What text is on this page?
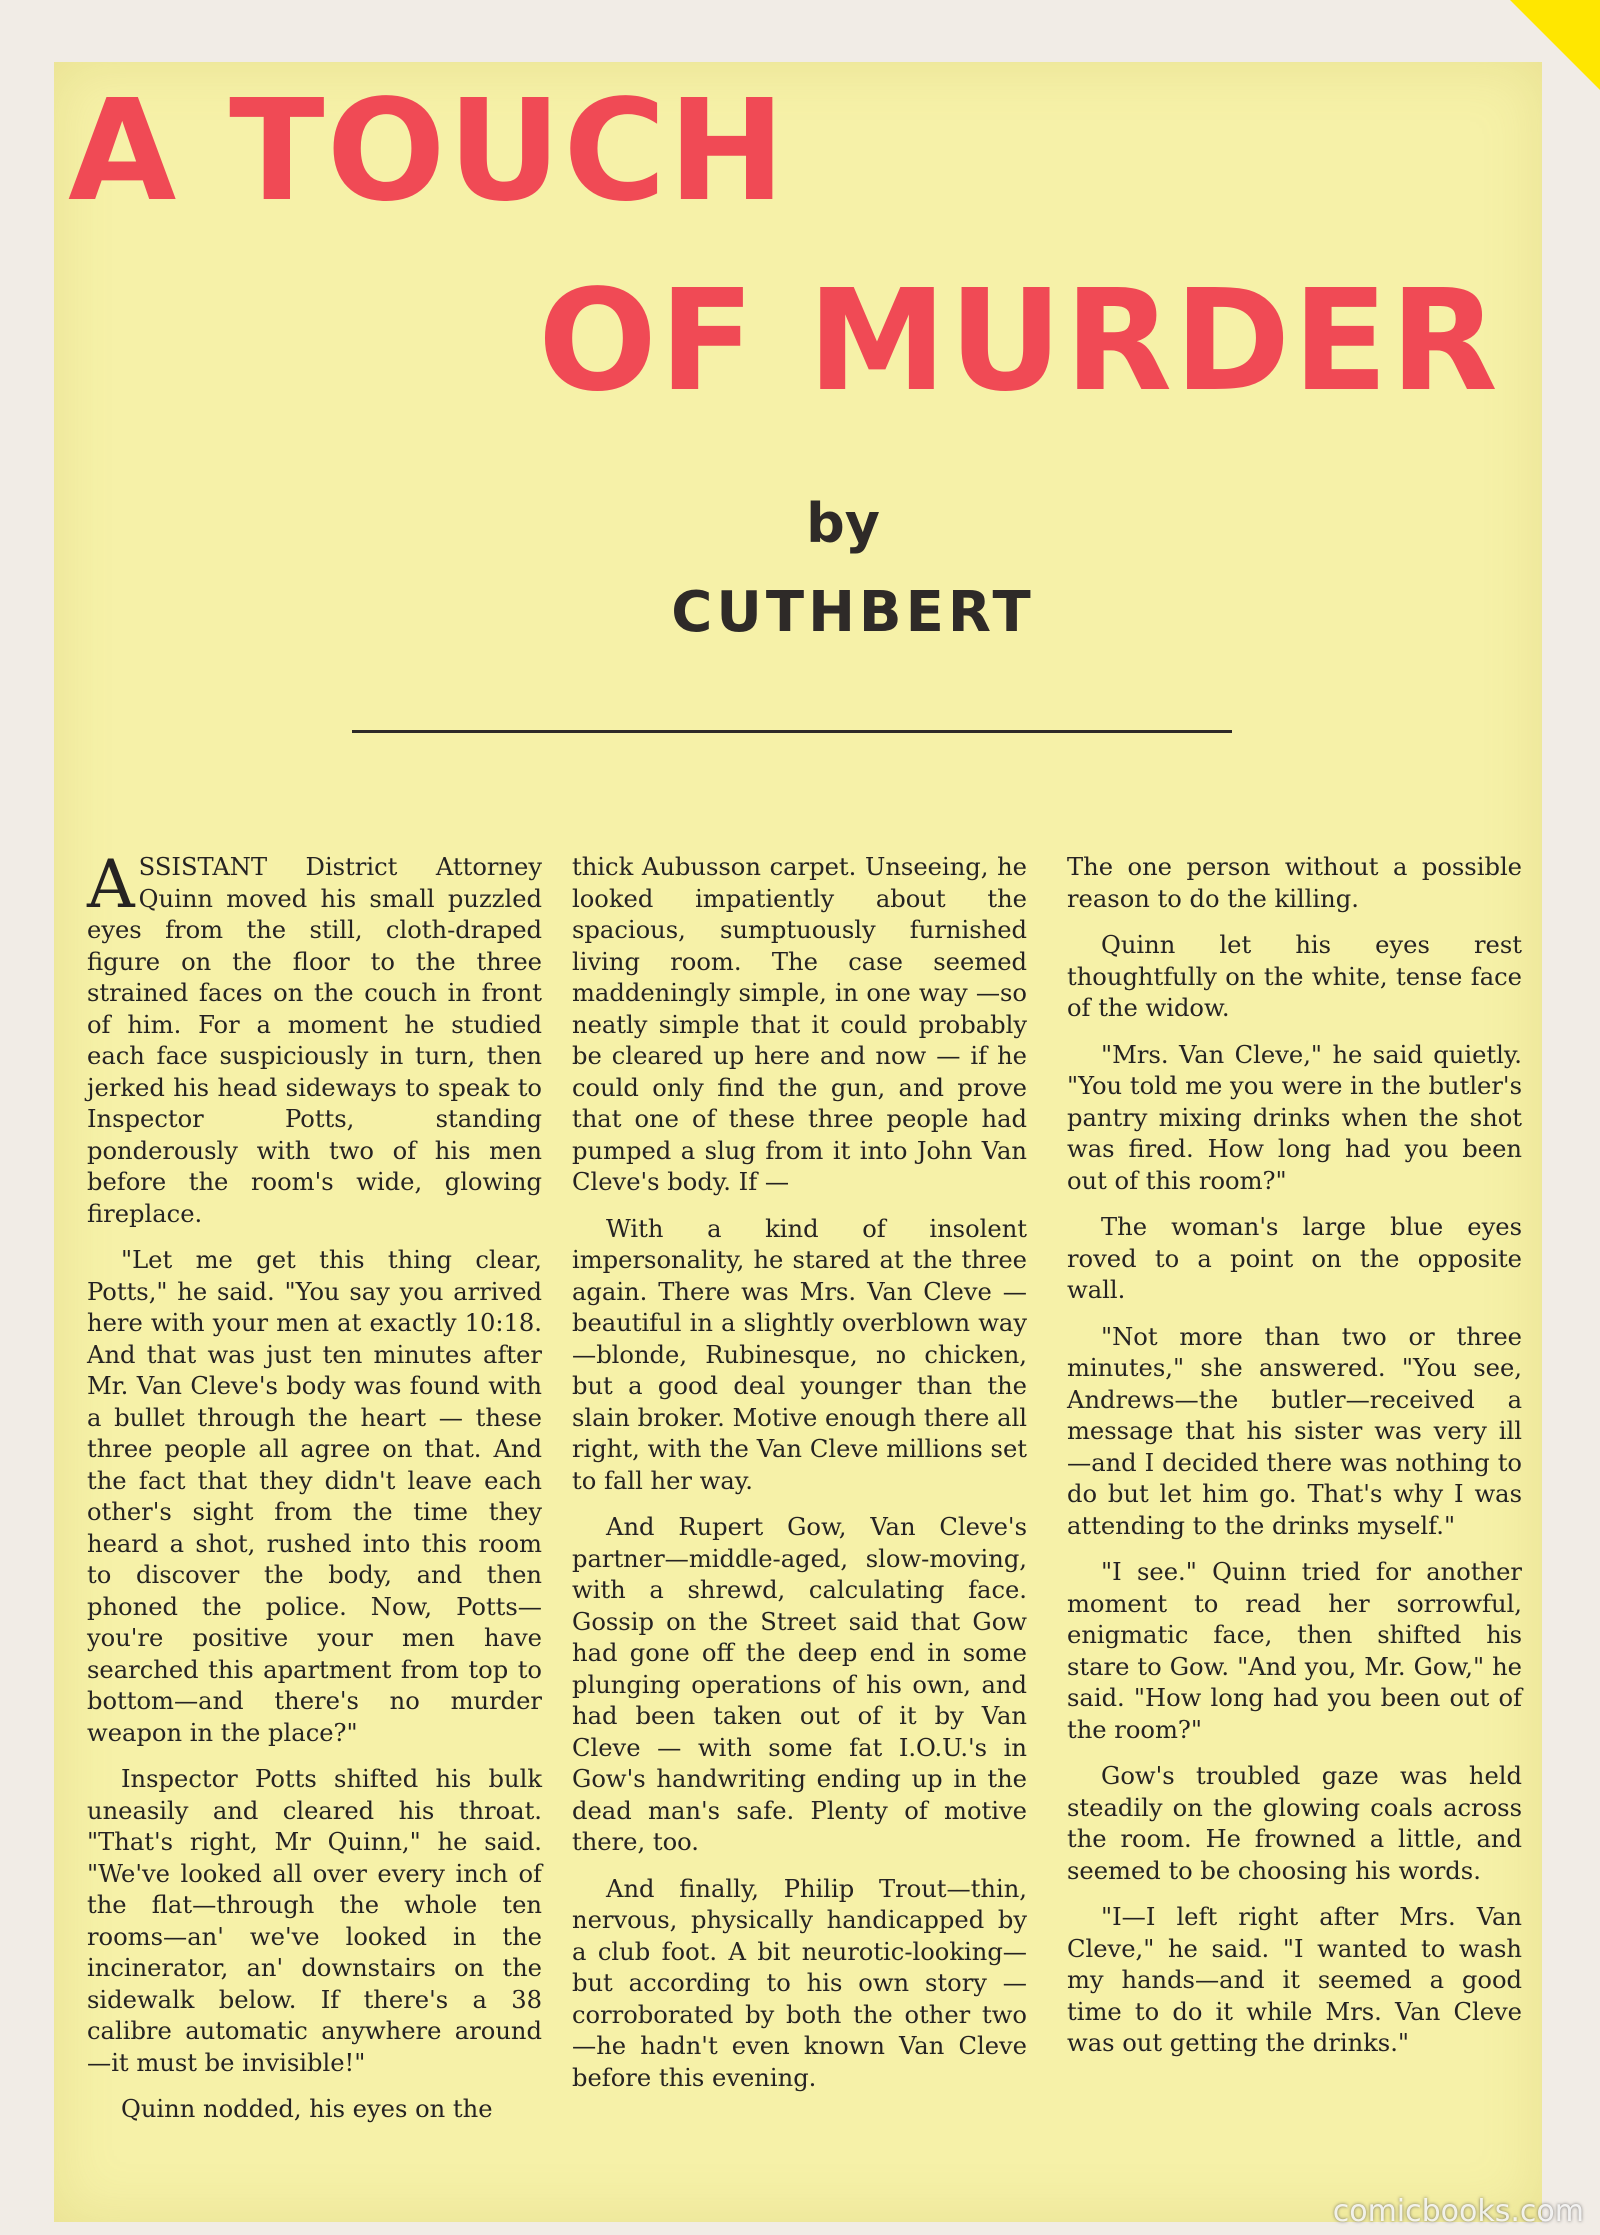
A TOUCH
OF MURDER
by
CUTHBERT

ASSISTANT District Attorney Quinn moved his small puzzled eyes from the still, cloth-draped figure on the floor to the three strained faces on the couch in front of him. For a moment he studied each face suspiciously in turn, then jerked his head sideways to speak to Inspector Potts, standing ponderously with two of his men before the room's wide, glowing fireplace.

"Let me get this thing clear, Potts," he said. "You say you arrived here with your men at exactly 10:18. And that was just ten minutes after Mr. Van Cleve's body was found with a bullet through the heart — these three people all agree on that. And the fact that they didn't leave each other's sight from the time they heard a shot, rushed into this room to discover the body, and then phoned the police. Now, Potts—you're positive your men have searched this apartment from top to bottom—and there's no murder weapon in the place?"

Inspector Potts shifted his bulk uneasily and cleared his throat. "That's right, Mr Quinn," he said. "We've looked all over every inch of the flat—through the whole ten rooms—an' we've looked in the incinerator, an' downstairs on the sidewalk below. If there's a 38 calibre automatic anywhere around—it must be invisible!"

Quinn nodded, his eyes on the

thick Aubusson carpet. Unseeing, he looked impatiently about the spacious, sumptuously furnished living room. The case seemed maddeningly simple, in one way —so neatly simple that it could probably be cleared up here and now — if he could only find the gun, and prove that one of these three people had pumped a slug from it into John Van Cleve's body. If —

With a kind of insolent impersonality, he stared at the three again. There was Mrs. Van Cleve —beautiful in a slightly overblown way—blonde, Rubinesque, no chicken, but a good deal younger than the slain broker. Motive enough there all right, with the Van Cleve millions set to fall her way.

And Rupert Gow, Van Cleve's partner—middle-aged, slow-moving, with a shrewd, calculating face. Gossip on the Street said that Gow had gone off the deep end in some plunging operations of his own, and had been taken out of it by Van Cleve — with some fat I.O.U.'s in Gow's handwriting ending up in the dead man's safe. Plenty of motive there, too.

And finally, Philip Trout—thin, nervous, physically handicapped by a club foot. A bit neurotic-looking—but according to his own story — corroborated by both the other two—he hadn't even known Van Cleve before this evening.

The one person without a possible reason to do the killing.

Quinn let his eyes rest thoughtfully on the white, tense face of the widow.

"Mrs. Van Cleve," he said quietly. "You told me you were in the butler's pantry mixing drinks when the shot was fired. How long had you been out of this room?"

The woman's large blue eyes roved to a point on the opposite wall.

"Not more than two or three minutes," she answered. "You see, Andrews—the butler—received a message that his sister was very ill —and I decided there was nothing to do but let him go. That's why I was attending to the drinks myself."

"I see." Quinn tried for another moment to read her sorrowful, enigmatic face, then shifted his stare to Gow. "And you, Mr. Gow," he said. "How long had you been out of the room?"

Gow's troubled gaze was held steadily on the glowing coals across the room. He frowned a little, and seemed to be choosing his words.

"I—I left right after Mrs. Van Cleve," he said. "I wanted to wash my hands—and it seemed a good time to do it while Mrs. Van Cleve was out getting the drinks."

comicbooks.com
